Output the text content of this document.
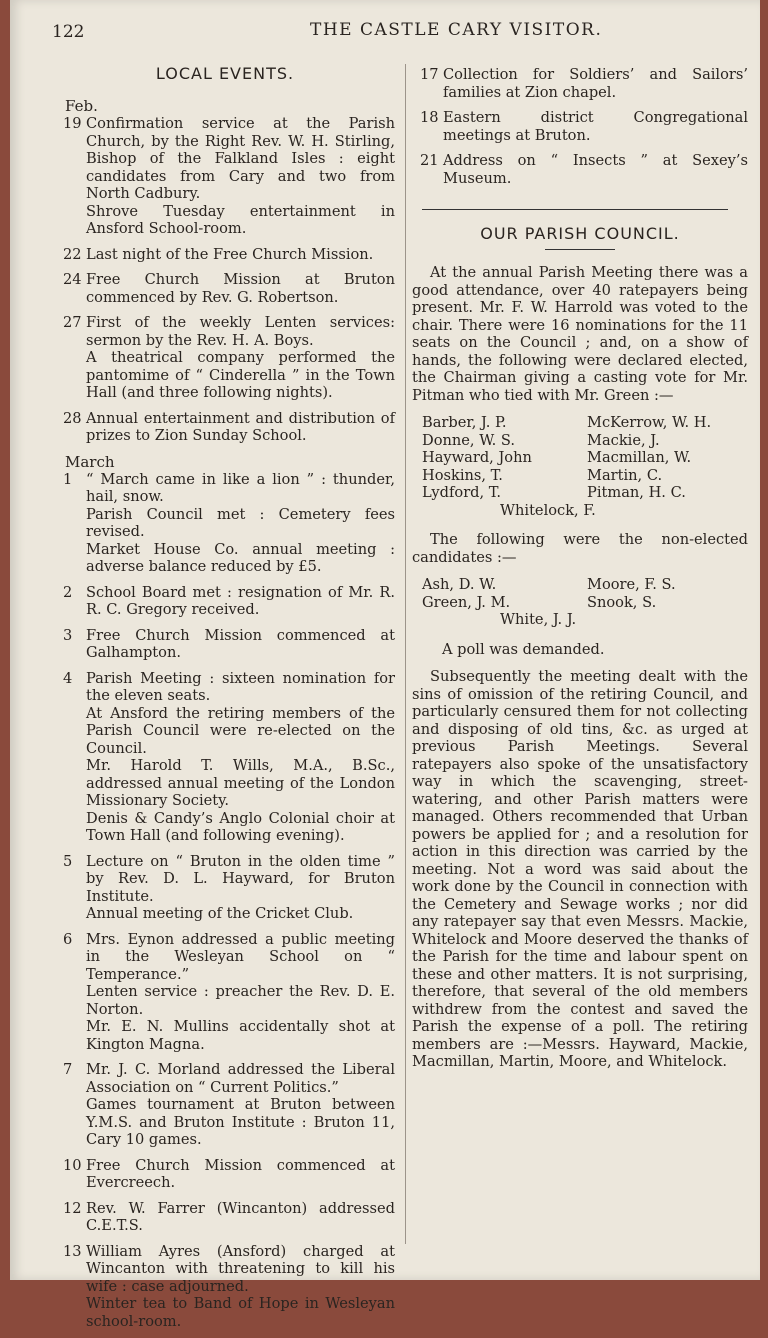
122	THE CASTLE CARY VISITOR.
LOCAL EVENTS.
Feb.
19 Confirmation service at the Parish Church, by the Right Rev. W. H. Stirling, Bishop of the Falkland Isles : eight candidates from Cary and two from North Cadbury.

Shrove Tuesday entertainment in Ansford School-room.

22 Last night of the Free Church Mission.

24 Free Church Mission at Bruton commenced by Rev. G. Robertson.

27 First of the weekly Lenten services: sermon by the Rev. H. A. Boys.

A theatrical company performed the pantomime of “ Cinderella ” in the Town Hall (and three following nights).

28 Annual entertainment and distribution of prizes to Zion Sunday School.

March
1 “ March came in like a lion ” : thunder, hail, snow.

Parish Council met : Cemetery fees revised.

Market House Co. annual meeting : adverse balance reduced by £5.

2 School Board met : resignation of Mr. R. R. C. Gregory received.

3 Free Church Mission commenced at Galhampton.

4 Parish Meeting : sixteen nomination for the eleven seats.

At Ansford the retiring members of the Parish Council were re-elected on the Council.

Mr. Harold T. Wills, M.A., B.Sc., addressed annual meeting of the London Missionary Society.

Denis & Candy’s Anglo Colonial choir at Town Hall (and following evening).

5 Lecture on “ Bruton in the olden time ” by Rev. D. L. Hayward, for Bruton Institute.

Annual meeting of the Cricket Club.

6 Mrs. Eynon addressed a public meeting in the Wesleyan School on “ Temperance.”

Lenten service : preacher the Rev. D. E. Norton.

Mr. E. N. Mullins accidentally shot at Kington Magna.

7 Mr. J. C. Morland addressed the Liberal Association on “ Current Politics.”

Games tournament at Bruton between Y.M.S. and Bruton Institute : Bruton 11, Cary 10 games.

10 Free Church Mission commenced at Evercreech.

12 Rev. W. Farrer (Wincanton) addressed C.E.T.S.

13 William Ayres (Ansford) charged at Wincanton with threatening to kill his wife : case adjourned.

Winter tea to Band of Hope in Wesleyan school-room.

17 Collection for Soldiers’ and Sailors’ families at Zion chapel.

18 Eastern district Congregational meetings at Bruton.

21 Address on “ Insects ” at Sexey’s Museum.

OUR PARISH COUNCIL.

At the annual Parish Meeting there was a good attendance, over 40 ratepayers being present. Mr. F. W. Harrold was voted to the chair. There were 16 nominations for the 11 seats on the Council ; and, on a show of hands, the following were declared elected, the Chairman giving a casting vote for Mr. Pitman who tied with Mr. Green :—

Barber, J. P.	McKerrow, W. H.
Donne, W. S.	Mackie, J.
Hayward, John	Macmillan, W.
Hoskins, T.	Martin, C.
Lydford, T.	Pitman, H. C.
Whitelock, F.

The following were the non-elected candidates :—

Ash, D. W.	Moore, F. S.
Green, J. M.	Snook, S.
White, J. J.

A poll was demanded.

Subsequently the meeting dealt with the sins of omission of the retiring Council, and particularly censured them for not collecting and disposing of old tins, &c. as urged at previous Parish Meetings. Several ratepayers also spoke of the unsatisfactory way in which the scavenging, street-watering, and other Parish matters were managed. Others recommended that Urban powers be applied for ; and a resolution for action in this direction was carried by the meeting. Not a word was said about the work done by the Council in connection with the Cemetery and Sewage works ; nor did any ratepayer say that even Messrs. Mackie, Whitelock and Moore deserved the thanks of the Parish for the time and labour spent on these and other matters. It is not surprising, therefore, that several of the old members withdrew from the contest and saved the Parish the expense of a poll. The retiring members are :—Messrs. Hayward, Mackie, Macmillan, Martin, Moore, and Whitelock.
